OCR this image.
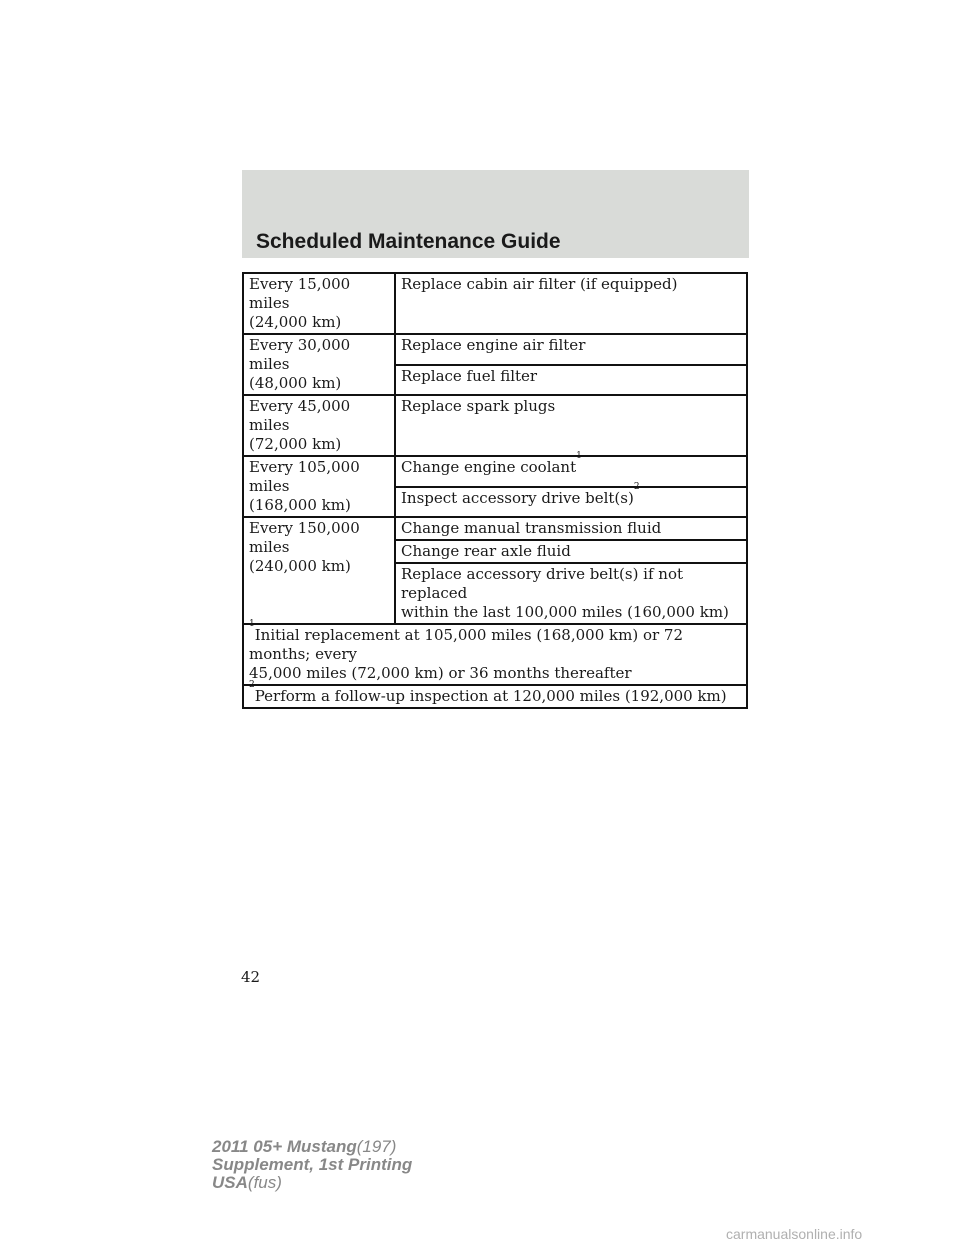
Scheduled Maintenance Guide
Every 15,000 miles
(24,000 km)	Replace cabin air filter (if equipped)

Every 30,000 miles
(48,000 km)	Replace engine air filter
	Replace fuel filter

Every 45,000 miles
(72,000 km)	Replace spark plugs

Every 105,000 miles
(168,000 km)	Change engine coolant$^1$
	Inspect accessory drive $belt(s)^2$

Every 150,000 miles
(240,000 km)	Change manual transmission fluid
	Change rear axle fluid

	Replace accessory drive belt(s) if not replaced
within the last 100,000 miles (160,000 km)

$^1$Initial replacement at 105,000 miles (168,000 km) or 72 months; every
45,000 miles (72,000 km) or 36 months thereafter	

$^2$Perform a follow-up inspection at 120,000 miles (192,000 km)	
42
2011 05+ Mustang(197)
Supplement, 1st Printing
USA(fus)
carmanualsonline.info
